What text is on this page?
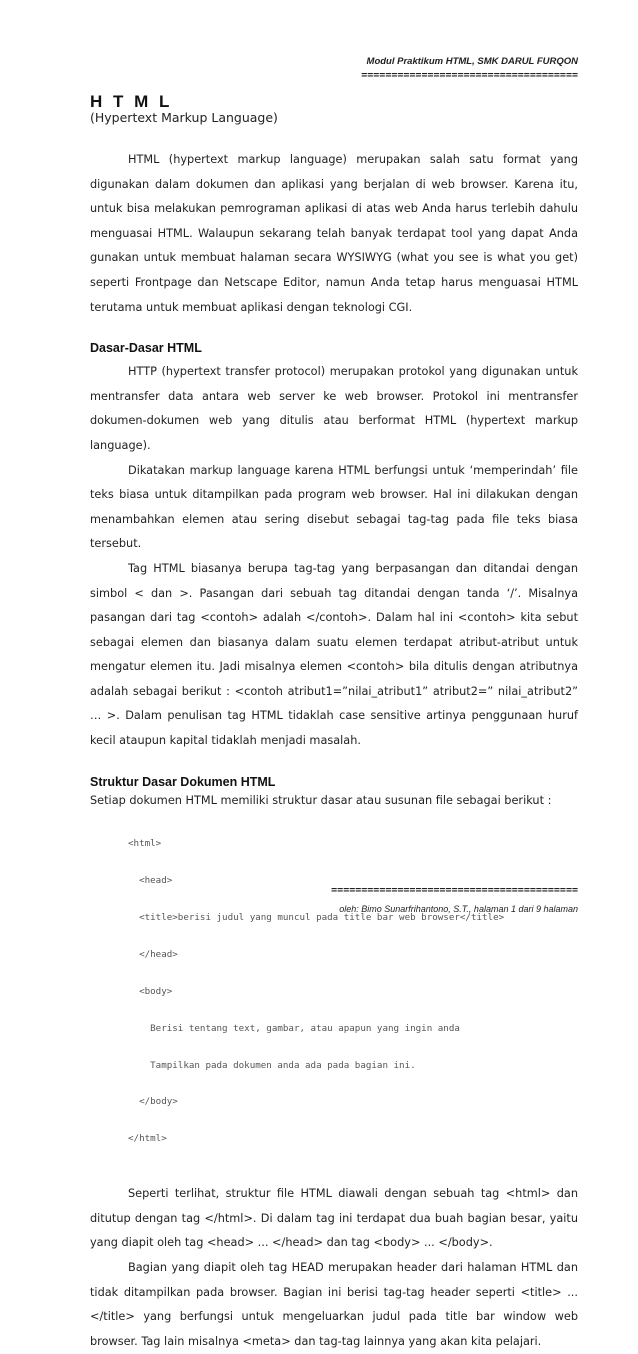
Modul Praktikum HTML, SMK DARUL FURQON
====================================
H T M L
(Hypertext Markup Language)

HTML (hypertext markup language) merupakan salah satu format yang digunakan dalam dokumen dan aplikasi yang berjalan di web browser. Karena itu, untuk bisa melakukan pemrograman aplikasi di atas web Anda harus terlebih dahulu menguasai HTML. Walaupun sekarang telah banyak terdapat tool yang dapat Anda gunakan untuk membuat halaman secara WYSIWYG (what you see is what you get) seperti Frontpage dan Netscape Editor, namun Anda tetap harus menguasai HTML terutama untuk membuat aplikasi dengan teknologi CGI.

Dasar-Dasar HTML

HTTP (hypertext transfer protocol) merupakan protokol yang digunakan untuk mentransfer data antara web server ke web browser. Protokol ini mentransfer dokumen-dokumen web yang ditulis atau berformat HTML (hypertext markup language).

Dikatakan markup language karena HTML berfungsi untuk ‘memperindah’ file teks biasa untuk ditampilkan pada program web browser. Hal ini dilakukan dengan menambahkan elemen atau sering disebut sebagai tag-tag pada file teks biasa tersebut.

Tag HTML biasanya berupa tag-tag yang berpasangan dan ditandai dengan simbol < dan >. Pasangan dari sebuah tag ditandai dengan tanda ‘/’. Misalnya pasangan dari tag <contoh> adalah </contoh>. Dalam hal ini <contoh> kita sebut sebagai elemen dan biasanya dalam suatu elemen terdapat atribut-atribut untuk mengatur elemen itu. Jadi misalnya elemen <contoh> bila ditulis dengan atributnya adalah sebagai berikut : <contoh atribut1=”nilai_atribut1” atribut2=” nilai_atribut2” … >. Dalam penulisan tag HTML tidaklah case sensitive artinya penggunaan huruf kecil ataupun kapital tidaklah menjadi masalah.

Struktur Dasar Dokumen HTML

Setiap dokumen HTML memiliki struktur dasar atau susunan file sebagai berikut :

<html>

<head>

<title>berisi judul yang muncul pada title bar web browser</title>

</head>

<body>

Berisi tentang text, gambar, atau apapun yang ingin anda

Tampilkan pada dokumen anda ada pada bagian ini.

</body>

</html>

Seperti terlihat, struktur file HTML diawali dengan sebuah tag <html> dan ditutup dengan tag </html>. Di dalam tag ini terdapat dua buah bagian besar, yaitu yang diapit oleh tag <head> ... </head> dan tag <body> ... </body>.

Bagian yang diapit oleh tag HEAD merupakan header dari halaman HTML dan tidak ditampilkan pada browser. Bagian ini berisi tag-tag header seperti <title> ... </title> yang berfungsi untuk mengeluarkan judul pada title bar window web browser. Tag lain misalnya <meta> dan tag-tag lainnya yang akan kita pelajari.

=========================================
oleh: Bimo Sunarfrihantono, S.T., halaman 1 dari 9 halaman
